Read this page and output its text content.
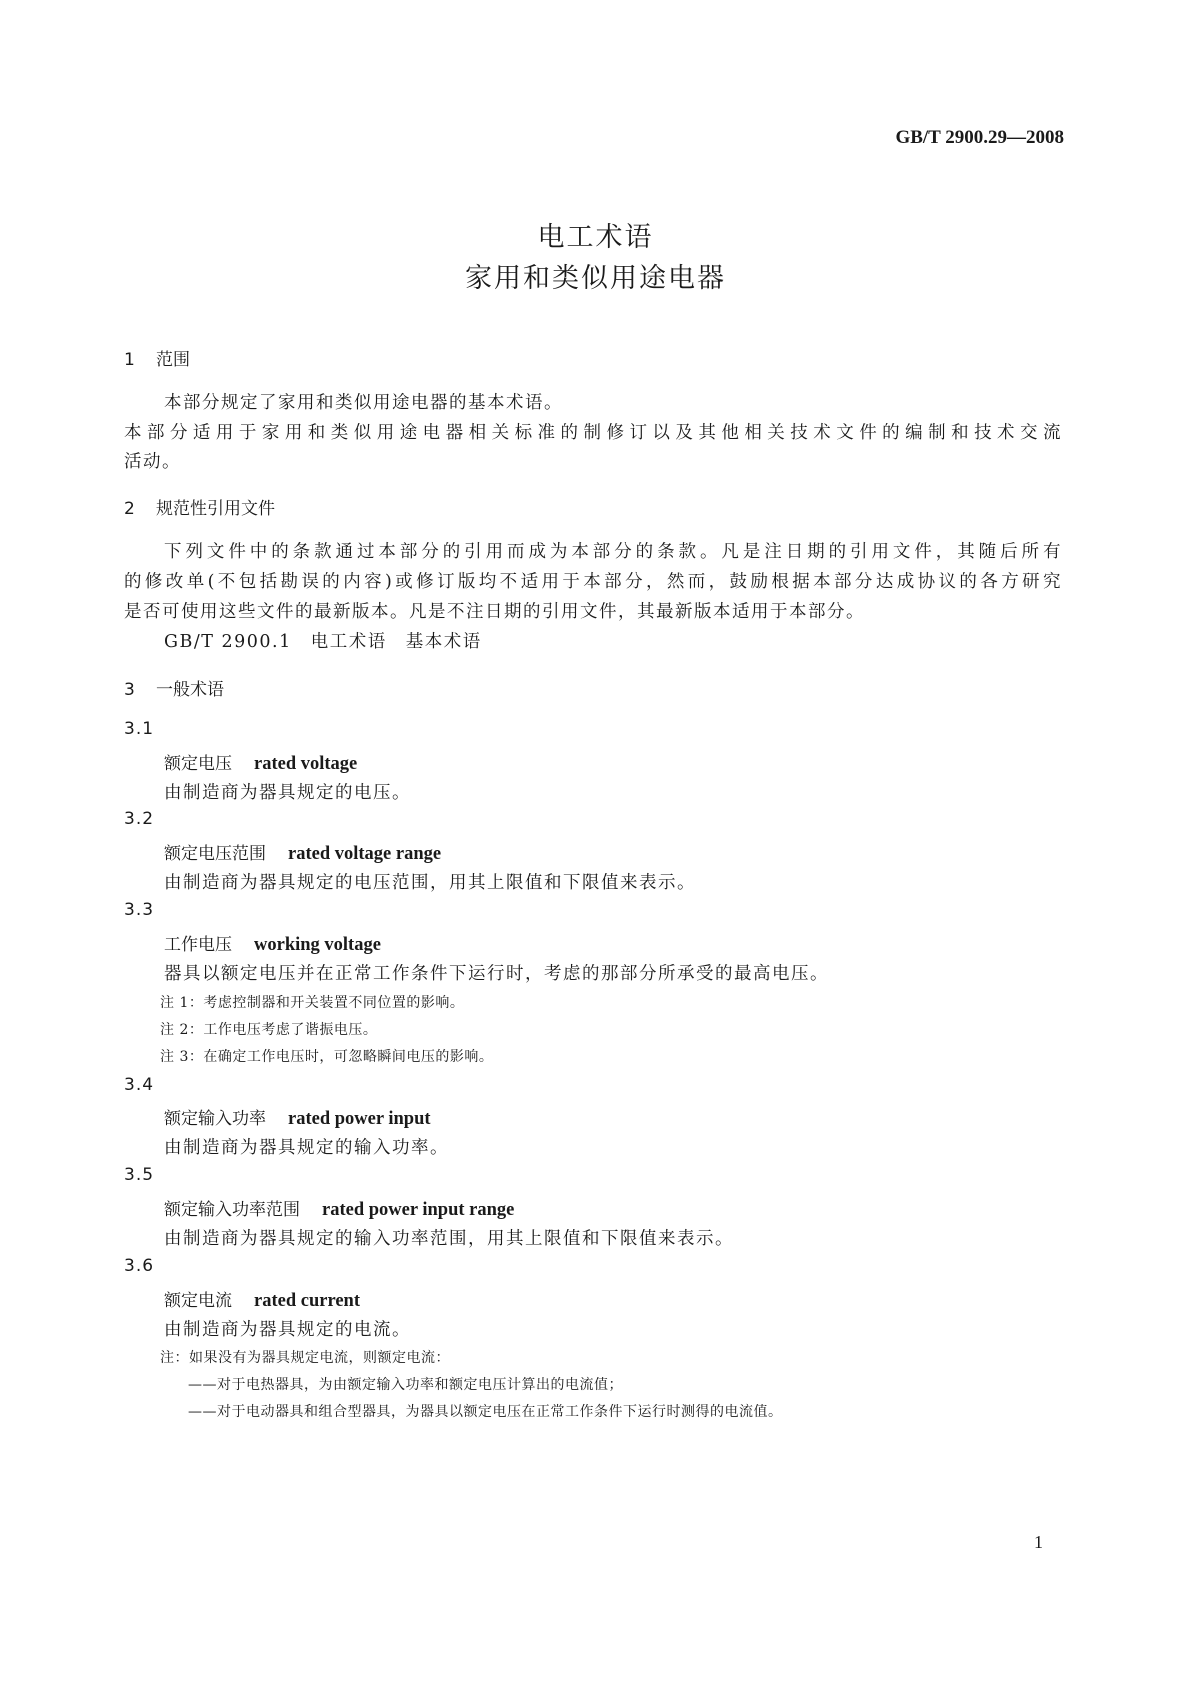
GB/T 2900.29—2008
电工术语
家用和类似用途电器
1 范围
本部分规定了家用和类似用途电器的基本术语。
本部分适用于家用和类似用途电器相关标准的制修订以及其他相关技术文件的编制和技术交流
活动。
2 规范性引用文件
下列文件中的条款通过本部分的引用而成为本部分的条款。凡是注日期的引用文件，其随后所有
的修改单(不包括勘误的内容)或修订版均不适用于本部分，然而，鼓励根据本部分达成协议的各方研究
是否可使用这些文件的最新版本。凡是不注日期的引用文件，其最新版本适用于本部分。
GB/T 2900.1　电工术语　基本术语
3 一般术语
3.1
额定电压 rated voltage
由制造商为器具规定的电压。
3.2
额定电压范围 rated voltage range
由制造商为器具规定的电压范围，用其上限值和下限值来表示。
3.3
工作电压 working voltage
器具以额定电压并在正常工作条件下运行时，考虑的那部分所承受的最高电压。
注 1：考虑控制器和开关装置不同位置的影响。
注 2：工作电压考虑了谐振电压。
注 3：在确定工作电压时，可忽略瞬间电压的影响。
3.4
额定输入功率 rated power input
由制造商为器具规定的输入功率。
3.5
额定输入功率范围 rated power input range
由制造商为器具规定的输入功率范围，用其上限值和下限值来表示。
3.6
额定电流 rated current
由制造商为器具规定的电流。
注：如果没有为器具规定电流，则额定电流：
——对于电热器具，为由额定输入功率和额定电压计算出的电流值；
——对于电动器具和组合型器具，为器具以额定电压在正常工作条件下运行时测得的电流值。
1
